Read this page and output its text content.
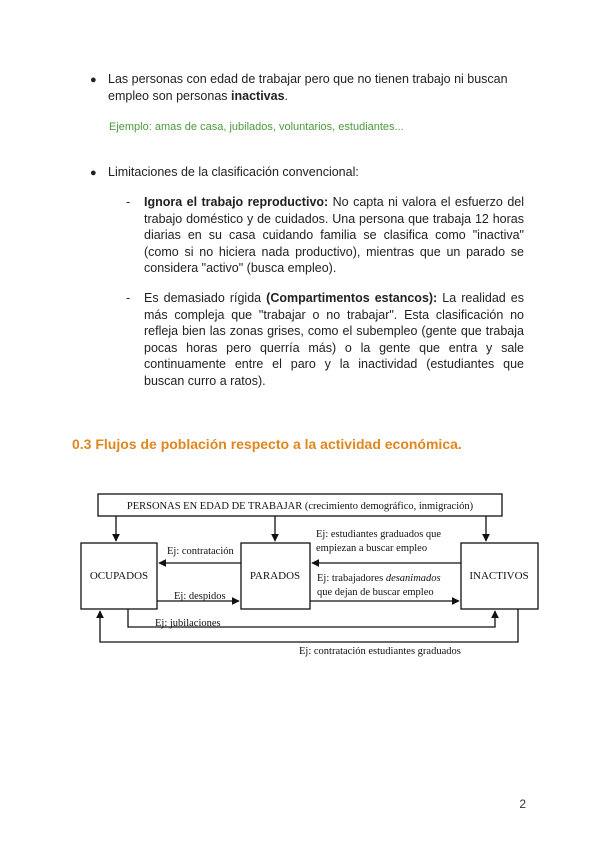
● Las personas con edad de trabajar pero que no tienen trabajo ni buscan empleo son personas inactivas.
Ejemplo: amas de casa, jubilados, voluntarios, estudiantes...
● Limitaciones de la clasificación convencional:
- Ignora el trabajo reproductivo: No capta ni valora el esfuerzo del trabajo doméstico y de cuidados. Una persona que trabaja 12 horas diarias en su casa cuidando familia se clasifica como "inactiva" (como si no hiciera nada productivo), mientras que un parado se considera "activo" (busca empleo).
- Es demasiado rígida (Compartimentos estancos): La realidad es más compleja que "trabajar o no trabajar". Esta clasificación no refleja bien las zonas grises, como el subempleo (gente que trabaja pocas horas pero querría más) o la gente que entra y sale continuamente entre el paro y la inactividad (estudiantes que buscan curro a ratos).
0.3 Flujos de población respecto a la actividad económica.
PERSONAS EN EDAD DE TRABAJAR (crecimiento demográfico, inmigración)
OCUPADOS	PARADOS	INACTIVOS
Ej: contratación
Ej: despidos
Ej: jubilaciones
Ej: estudiantes graduados que
empiezan a buscar empleo
Ej: trabajadores desanimados
que dejan de buscar empleo
Ej: contratación estudiantes graduados
2
